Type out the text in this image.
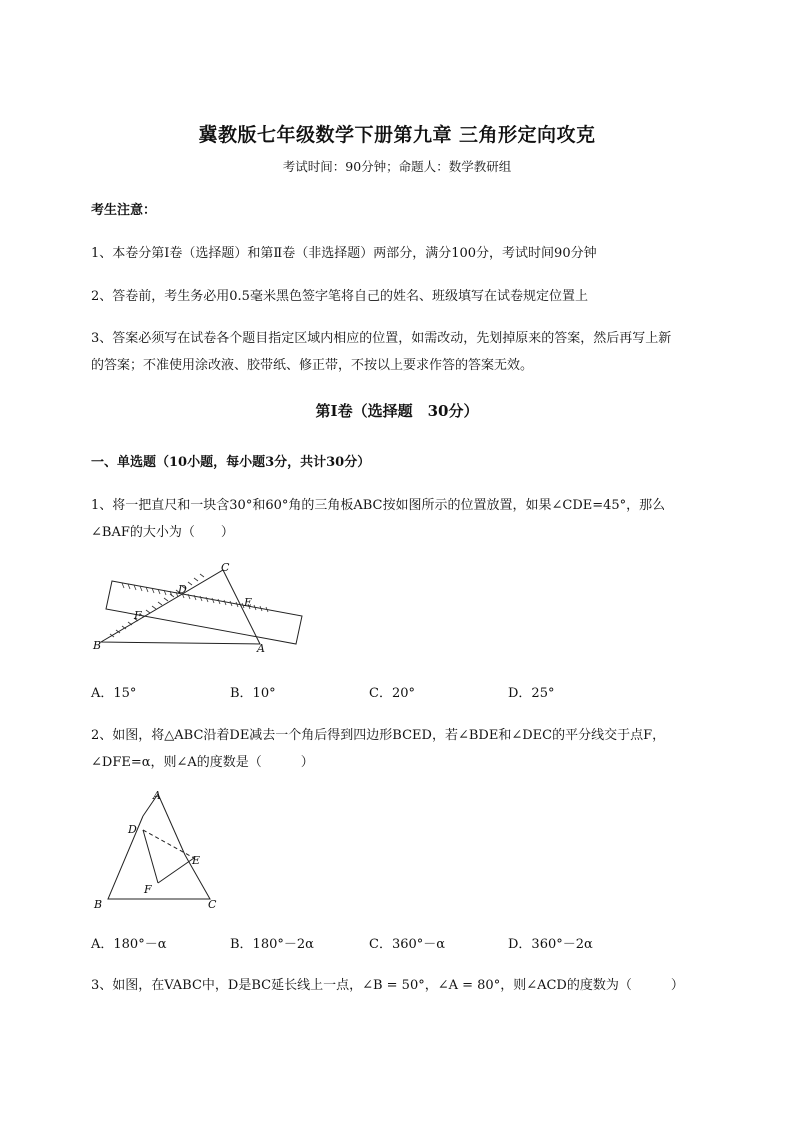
冀教版七年级数学下册第九章 三角形定向攻克
考试时间：90分钟；命题人：数学教研组
考生注意：
1、本卷分第I卷（选择题）和第Ⅱ卷（非选择题）两部分，满分100分，考试时间90分钟
2、答卷前，考生务必用0.5毫米黑色签字笔将自己的姓名、班级填写在试卷规定位置上
3、答案必须写在试卷各个题目指定区域内相应的位置，如需改动，先划掉原来的答案，然后再写上新
的答案；不准使用涂改液、胶带纸、修正带，不按以上要求作答的答案无效。
第I卷（选择题　30分）
一、单选题（10小题，每小题3分，共计30分）
1、将一把直尺和一块含30°和60°角的三角板ABC按如图所示的位置放置，如果∠CDE=45°，那么
∠BAF的大小为（　　）
B	A
C
D
E
F
A．15°	B．10°	C．20°	D．25°
2、如图，将△ABC沿着DE减去一个角后得到四边形BCED，若∠BDE和∠DEC的平分线交于点F，
∠DFE=α，则∠A的度数是（　　　）
A
B	C
D
E
F
A．180°－α	B．180°－2α	C．360°－α	D．360°－2α
3、如图，在VABC中，D是BC延长线上一点，∠B = 50°，∠A = 80°，则∠ACD的度数为（　　　）
